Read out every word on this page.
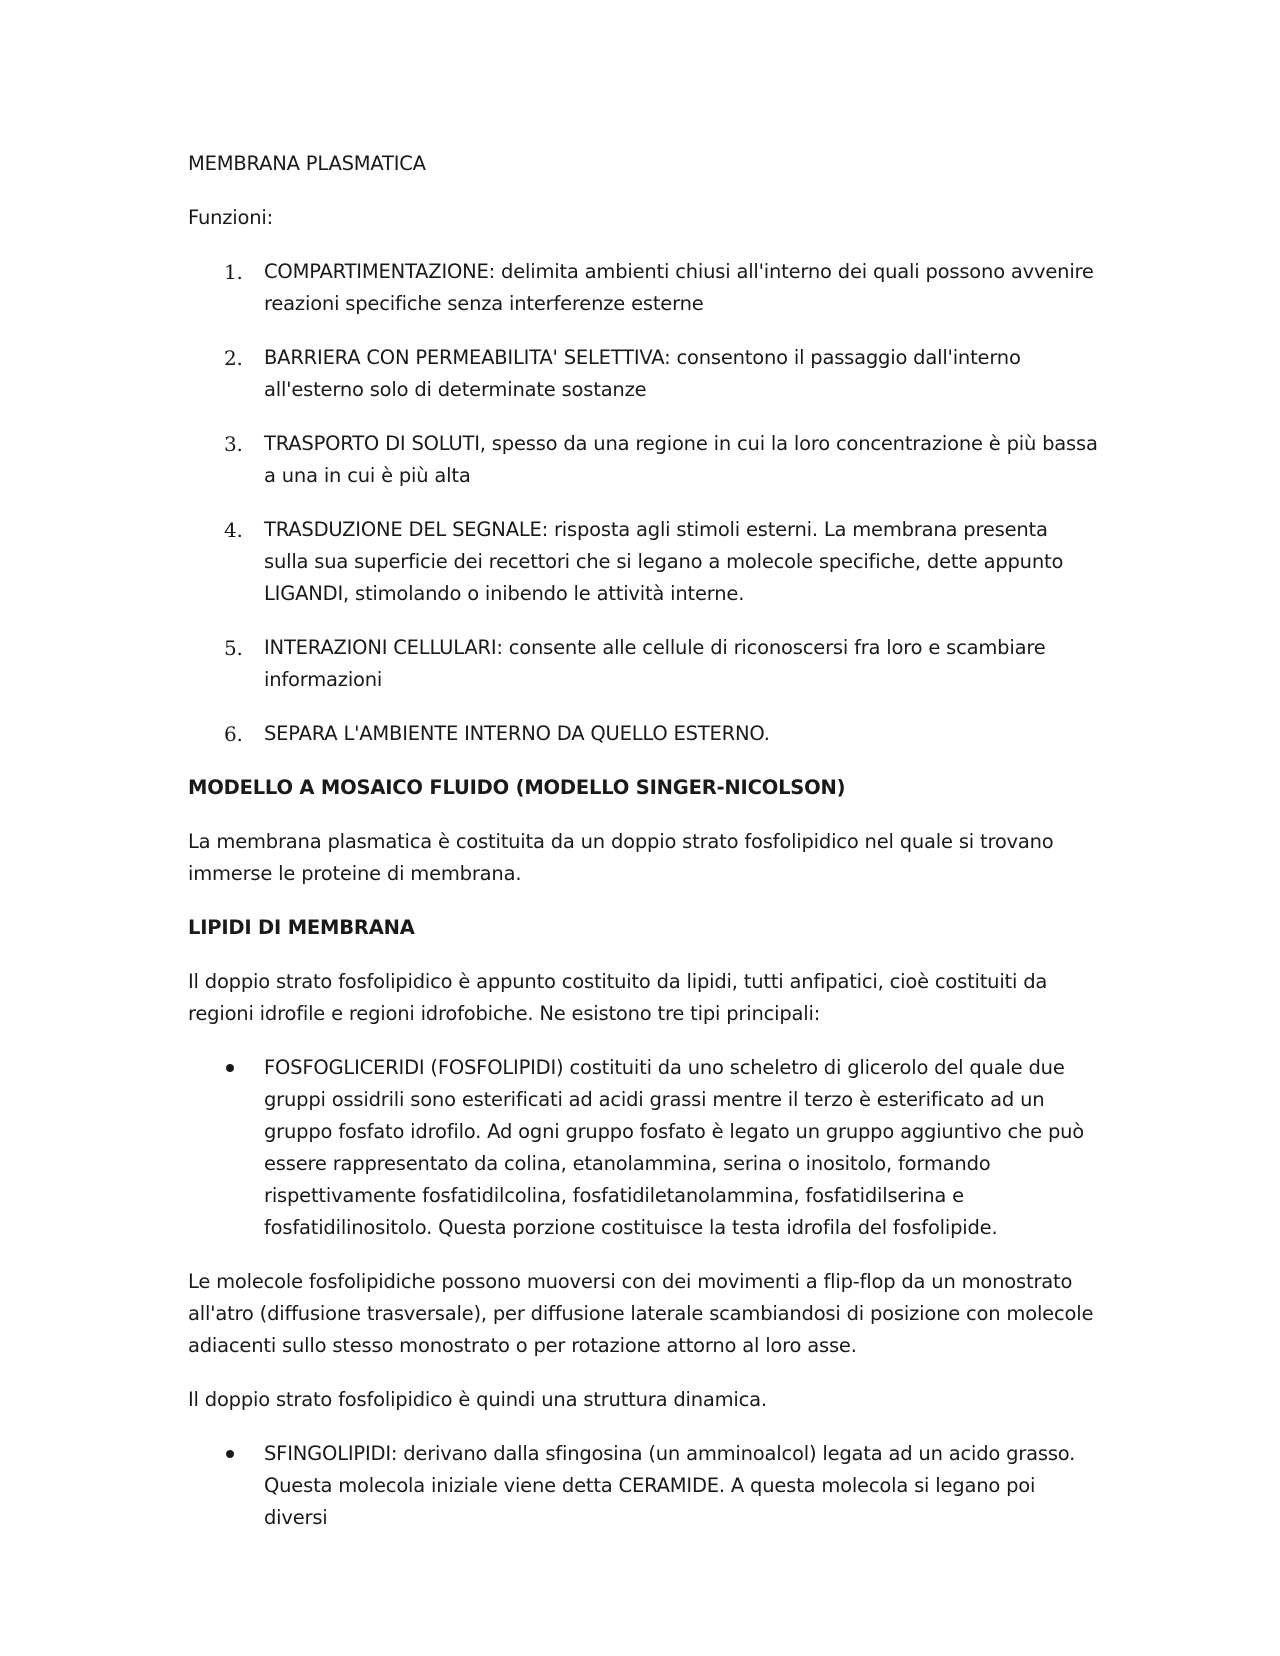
MEMBRANA PLASMATICA

Funzioni:

1.	COMPARTIMENTAZIONE: delimita ambienti chiusi all'interno dei quali possono avvenire reazioni specifiche senza interferenze esterne
2.	BARRIERA CON PERMEABILITA' SELETTIVA: consentono il passaggio dall'interno all'esterno solo di determinate sostanze
3.	TRASPORTO DI SOLUTI, spesso da una regione in cui la loro concentrazione è più bassa a una in cui è più alta
4.	TRASDUZIONE DEL SEGNALE: risposta agli stimoli esterni. La membrana presenta sulla sua superficie dei recettori che si legano a molecole specifiche, dette appunto LIGANDI, stimolando o inibendo le attività interne.
5.	INTERAZIONI CELLULARI: consente alle cellule di riconoscersi fra loro e scambiare informazioni
6.	SEPARA L'AMBIENTE INTERNO DA QUELLO ESTERNO.

MODELLO A MOSAICO FLUIDO (MODELLO SINGER-NICOLSON)

La membrana plasmatica è costituita da un doppio strato fosfolipidico nel quale si trovano immerse le proteine di membrana.

LIPIDI DI MEMBRANA

Il doppio strato fosfolipidico è appunto costituito da lipidi, tutti anfipatici, cioè costituiti da regioni idrofile e regioni idrofobiche. Ne esistono tre tipi principali:

FOSFOGLICERIDI (FOSFOLIPIDI) costituiti da uno scheletro di glicerolo del quale due gruppi ossidrili sono esterificati ad acidi grassi mentre il terzo è esterificato ad un gruppo fosfato idrofilo. Ad ogni gruppo fosfato è legato un gruppo aggiuntivo che può essere rappresentato da colina, etanolammina, serina o inositolo, formando rispettivamente fosfatidilcolina, fosfatidiletanolammina, fosfatidilserina e fosfatidilinositolo. Questa porzione costituisce la testa idrofila del fosfolipide.

Le molecole fosfolipidiche possono muoversi con dei movimenti a flip-flop da un monostrato all'atro (diffusione trasversale), per diffusione laterale scambiandosi di posizione con molecole adiacenti sullo stesso monostrato o per rotazione attorno al loro asse.

Il doppio strato fosfolipidico è quindi una struttura dinamica.

SFINGOLIPIDI: derivano dalla sfingosina (un amminoalcol) legata ad un acido grasso. Questa molecola iniziale viene detta CERAMIDE. A questa molecola si legano poi diversi
